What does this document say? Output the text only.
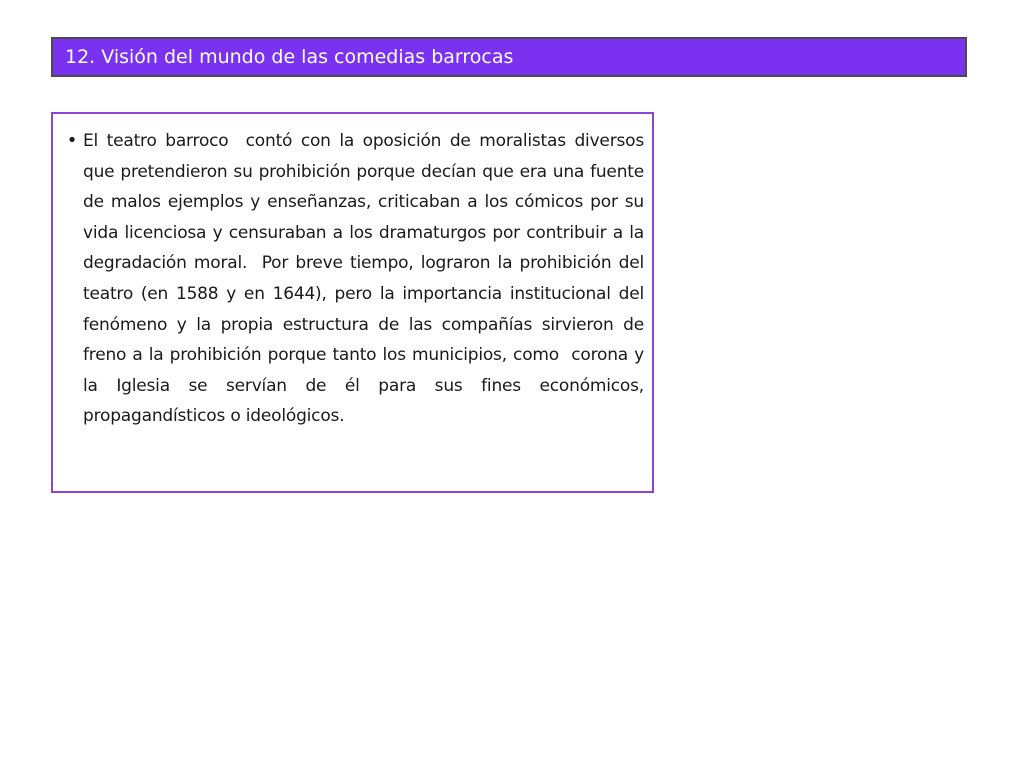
12. Visión del mundo de las comedias barrocas
• El teatro barroco  contó con la oposición de moralistas diversos que pretendieron su prohibición porque decían que era una fuente de malos ejemplos y enseñanzas, criticaban a los cómicos por su vida licenciosa y censuraban a los dramaturgos por contribuir a la degradación moral.  Por breve tiempo, lograron la prohibición del teatro (en 1588 y en 1644), pero la importancia institucional del fenómeno y la propia estructura de las compañías sirvieron de freno a la prohibición porque tanto los municipios, como  corona y la Iglesia se servían de él para sus fines económicos, propagandísticos o ideológicos.
